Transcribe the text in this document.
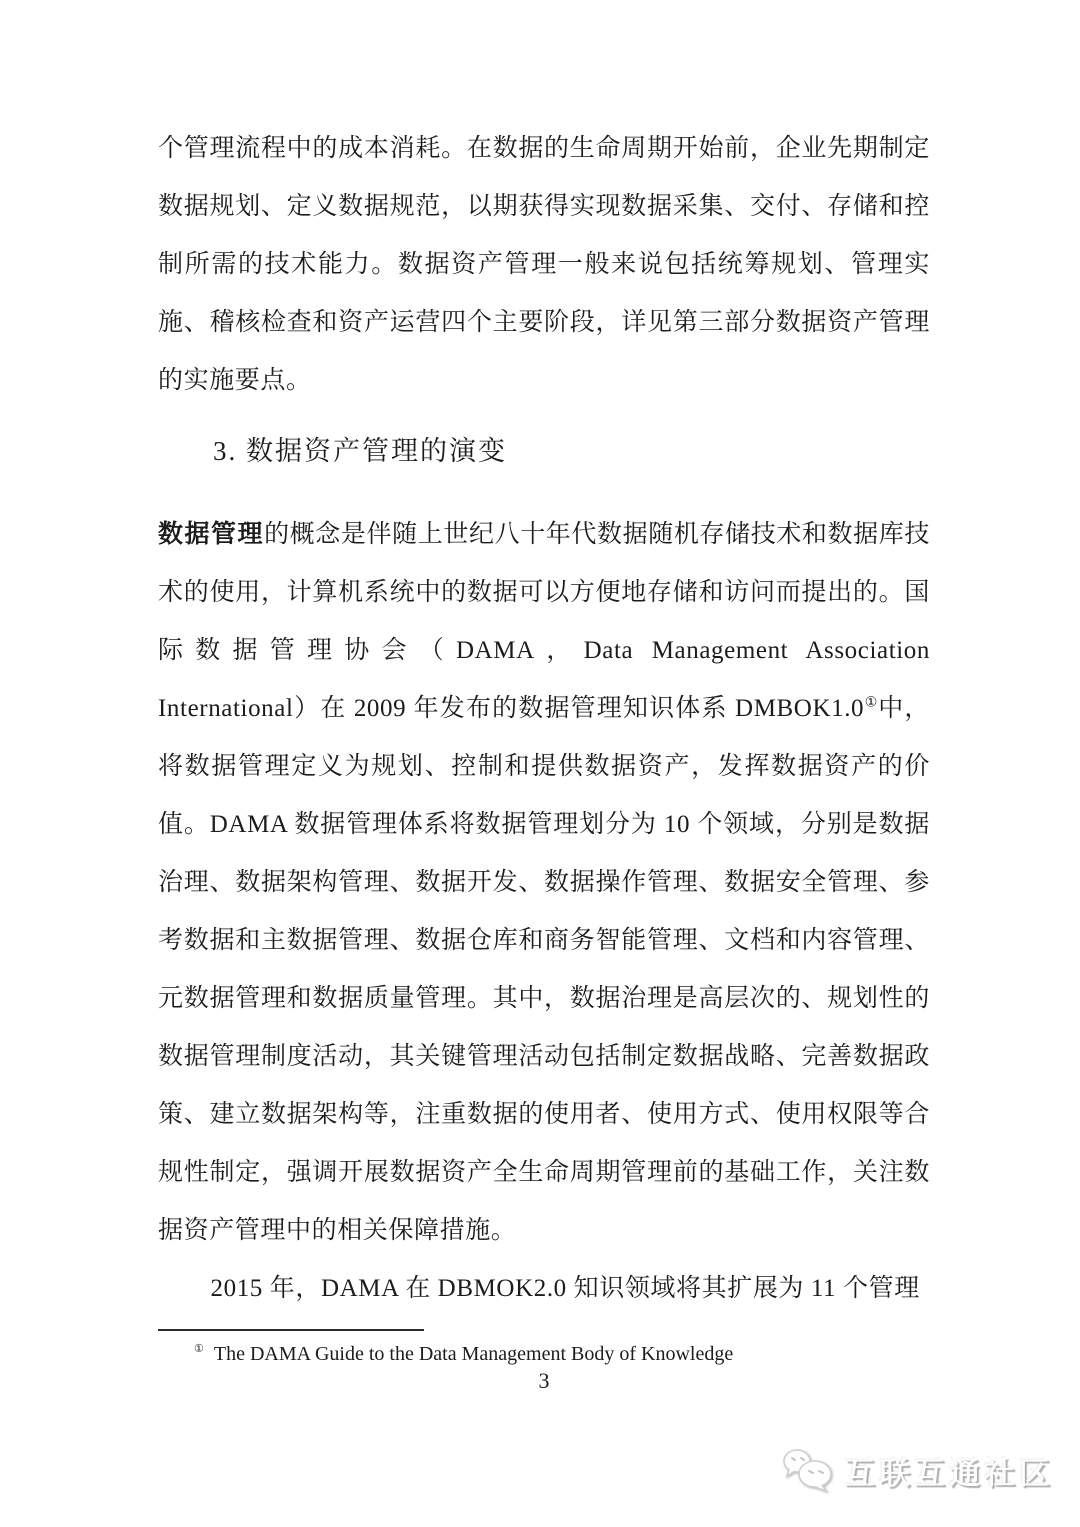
个管理流程中的成本消耗。在数据的生命周期开始前，企业先期制定数据规划、定义数据规范，以期获得实现数据采集、交付、存储和控制所需的技术能力。数据资产管理一般来说包括统筹规划、管理实施、稽核检查和资产运营四个主要阶段，详见第三部分数据资产管理的实施要点。

3. 数据资产管理的演变

数据管理的概念是伴随上世纪八十年代数据随机存储技术和数据库技术的使用，计算机系统中的数据可以方便地存储和访问而提出的。国际数据管理协会（DAMA，Data Management Association International）在 2009 年发布的数据管理知识体系 DMBOK1.0①中，将数据管理定义为规划、控制和提供数据资产，发挥数据资产的价值。DAMA 数据管理体系将数据管理划分为 10 个领域，分别是数据治理、数据架构管理、数据开发、数据操作管理、数据安全管理、参考数据和主数据管理、数据仓库和商务智能管理、文档和内容管理、元数据管理和数据质量管理。其中，数据治理是高层次的、规划性的数据管理制度活动，其关键管理活动包括制定数据战略、完善数据政策、建立数据架构等，注重数据的使用者、使用方式、使用权限等合规性制定，强调开展数据资产全生命周期管理前的基础工作，关注数据资产管理中的相关保障措施。

2015 年，DAMA 在 DBMOK2.0 知识领域将其扩展为 11 个管理

① The DAMA Guide to the Data Management Body of Knowledge

3
互联互通社区
